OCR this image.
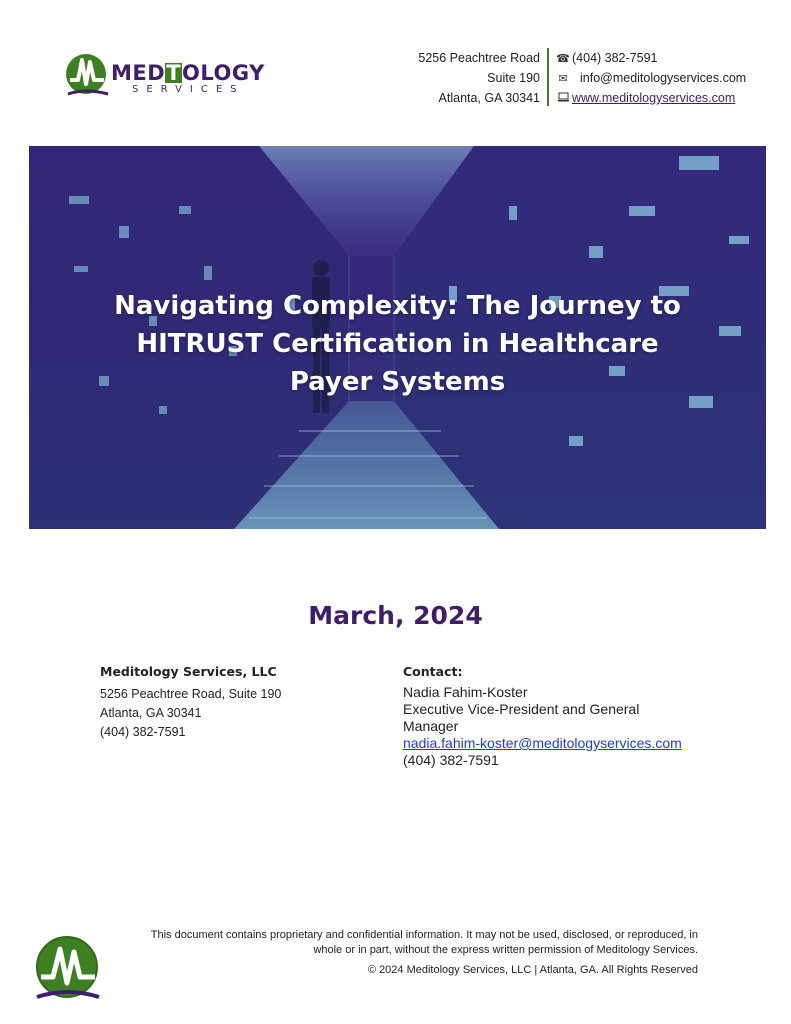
MEDTOLOGY
SERVICES
5256 Peachtree Road
Suite 190
Atlanta, GA 30341
☎ (404) 382-7591
✉ info@meditologyservices.com
www.meditologyservices.com
Navigating Complexity: The Journey to
HITRUST Certification in Healthcare
Payer Systems
March, 2024
Meditology Services, LLC
5256 Peachtree Road, Suite 190
Atlanta, GA 30341
(404) 382-7591
Contact:
Nadia Fahim-Koster
Executive Vice-President and General
Manager
nadia.fahim-koster@meditologyservices.com
(404) 382-7591
This document contains proprietary and confidential information. It may not be used, disclosed, or reproduced, in
whole or in part, without the express written permission of Meditology Services.
© 2024 Meditology Services, LLC | Atlanta, GA. All Rights Reserved
